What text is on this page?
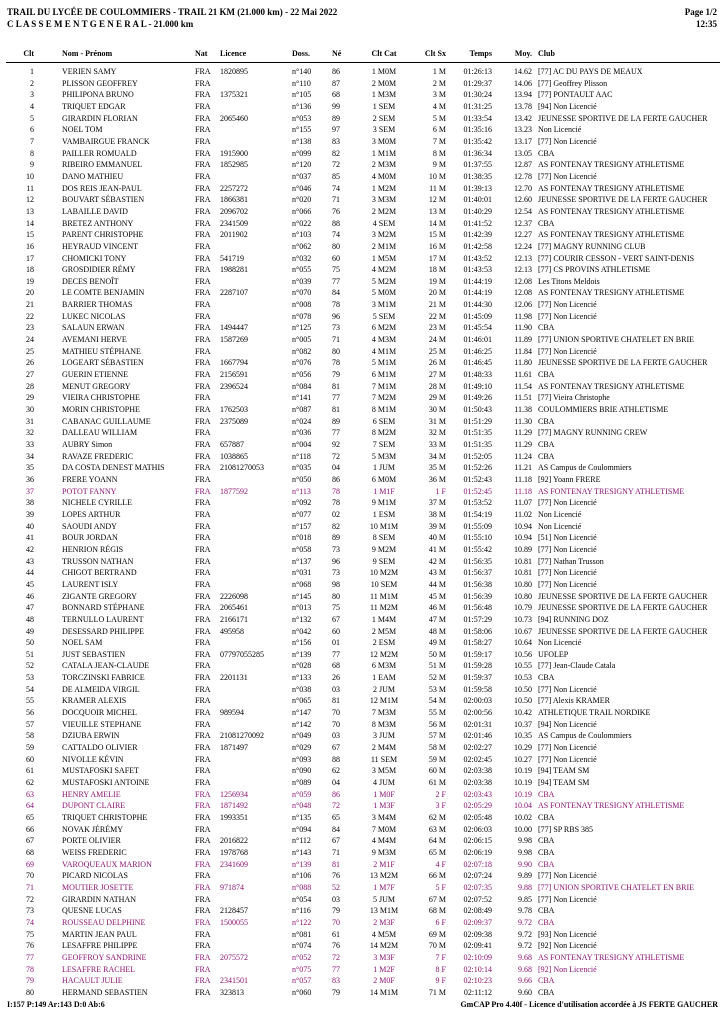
TRAIL DU LYCÉE DE COULOMMIERS - TRAIL 21 KM (21.000 km) - 22 Mai 2022
C L A S S E M E N T G E N E R A L - 21.000 km
Page 1/2
12:35
Clt	Nom - Prénom	Nat	Licence	Doss.	Né	Clt Cat	Clt Sx	Temps	Moy. Club
1	VERIEN SAMY	FRA	1820895	n°140	86	1 M0M	1 M	01:26:13	14.62 [77] AC DU PAYS DE MEAUX
2	PLISSON GEOFFREY	FRA	n°110	87	2 M0M	2 M	01:29:37	14.06 [77] Geoffrey Plisson
3	PHILIPONA BRUNO	FRA	1375321	n°105	68	1 M3M	3 M	01:30:24	13.94 [77] PONTAULT AAC
4	TRIQUET EDGAR	FRA	n°136	99	1 SEM	4 M	01:31:25	13.78 [94] Non Licencié
5	GIRARDIN FLORIAN	FRA	2065460	n°053	89	2 SEM	5 M	01:33:54	13.42 JEUNESSE SPORTIVE DE LA FERTE GAUCHER
6	NOEL TOM	FRA	n°155	97	3 SEM	6 M	01:35:16	13.23 Non Licencié
7	VAMBAIRGUE FRANCK	FRA	n°138	83	3 M0M	7 M	01:35:42	13.17 [77] Non Licencié
8	PAILLER ROMUALD	FRA	1915900	n°099	82	1 M1M	8 M	01:36:34	13.05 CBA
9	RIBEIRO EMMANUEL	FRA	1852985	n°120	72	2 M3M	9 M	01:37:55	12.87 AS FONTENAY TRESIGNY ATHLETISME
10	DANO MATHIEU	FRA	n°037	85	4 M0M	10 M	01:38:35	12.78 [77] Non Licencié
11	DOS REIS JEAN-PAUL	FRA	2257272	n°046	74	1 M2M	11 M	01:39:13	12.70 AS FONTENAY TRESIGNY ATHLETISME
12	BOUVART SÉBASTIEN	FRA	1866381	n°020	71	3 M3M	12 M	01:40:01	12.60 JEUNESSE SPORTIVE DE LA FERTE GAUCHER
13	LABAILLE DAVID	FRA	2096702	n°066	76	2 M2M	13 M	01:40:29	12.54 AS FONTENAY TRESIGNY ATHLETISME
14	BRETEZ ANTHONY	FRA	2341509	n°022	88	4 SEM	14 M	01:41:52	12.37 CBA
15	PARENT CHRISTOPHE	FRA	2011902	n°103	74	3 M2M	15 M	01:42:39	12.27 AS FONTENAY TRESIGNY ATHLETISME
16	HEYRAUD VINCENT	FRA	n°062	80	2 M1M	16 M	01:42:58	12.24 [77] MAGNY RUNNING CLUB
17	CHOMICKI TONY	FRA	541719	n°032	60	1 M5M	17 M	01:43:52	12.13 [77] COURIR CESSON - VERT SAINT-DENIS
18	GROSDIDIER RÉMY	FRA	1988281	n°055	75	4 M2M	18 M	01:43:53	12.13 [77] CS PROVINS ATHLETISME
19	DECES BENOÎT	FRA	n°039	77	5 M2M	19 M	01:44:19	12.08 Les Titons Meldois
20	LE COMTE BENJAMIN	FRA	2287107	n°070	84	5 M0M	20 M	01:44:19	12.08 AS FONTENAY TRESIGNY ATHLETISME
21	BARRIER THOMAS	FRA	n°008	78	3 M1M	21 M	01:44:30	12.06 [77] Non Licencié
22	LUKEC NICOLAS	FRA	n°078	96	5 SEM	22 M	01:45:09	11.98 [77] Non Licencié
23	SALAUN ERWAN	FRA	1494447	n°125	73	6 M2M	23 M	01:45:54	11.90 CBA
24	AVEMANI HERVE	FRA	1587269	n°005	71	4 M3M	24 M	01:46:01	11.89 [77] UNION SPORTIVE CHATELET EN BRIE
25	MATHIEU STÉPHANE	FRA	n°082	80	4 M1M	25 M	01:46:25	11.84 [77] Non Licencié
26	LOGEART SÉBASTIEN	FRA	1667794	n°076	78	5 M1M	26 M	01:46:45	11.80 JEUNESSE SPORTIVE DE LA FERTE GAUCHER
27	GUERIN ETIENNE	FRA	2156591	n°056	79	6 M1M	27 M	01:48:33	11.61 CBA
28	MENUT GREGORY	FRA	2396524	n°084	81	7 M1M	28 M	01:49:10	11.54 AS FONTENAY TRESIGNY ATHLETISME
29	VIEIRA CHRISTOPHE	FRA	n°141	77	7 M2M	29 M	01:49:26	11.51 [77] Vieira Christophe
30	MORIN CHRISTOPHE	FRA	1762503	n°087	81	8 M1M	30 M	01:50:43	11.38 COULOMMIERS BRIE ATHLETISME
31	CABANAC GUILLAUME	FRA	2375089	n°024	89	6 SEM	31 M	01:51:29	11.30 CBA
32	DALLEAU WILLIAM	FRA	n°036	77	8 M2M	32 M	01:51:35	11.29 [77] MAGNY RUNNING CREW
33	AUBRY Simon	FRA	657887	n°004	92	7 SEM	33 M	01:51:35	11.29 CBA
34	RAVAZE FREDERIC	FRA	1038865	n°118	72	5 M3M	34 M	01:52:05	11.24 CBA
35	DA COSTA DENEST MATHIS	FRA	21081270053	n°035	04	1 JUM	35 M	01:52:26	11.21 AS Campus de Coulommiers
36	FRERE YOANN	FRA	n°050	86	6 M0M	36 M	01:52:43	11.18 [92] Yoann FRERE
37	POTOT FANNY	FRA	1877592	n°113	78	1 M1F	1 F	01:52:45	11.18 AS FONTENAY TRESIGNY ATHLETISME
38	NICHELE CYRILLE	FRA	n°092	78	9 M1M	37 M	01:53:52	11.07 [77] Non Licencié
39	LOPES ARTHUR	FRA	n°077	02	1 ESM	38 M	01:54:19	11.02 Non Licencié
40	SAOUDI ANDY	FRA	n°157	82	10 M1M	39 M	01:55:09	10.94 Non Licencié
41	BOUR JORDAN	FRA	n°018	89	8 SEM	40 M	01:55:10	10.94 [51] Non Licencié
42	HENRION RÉGIS	FRA	n°058	73	9 M2M	41 M	01:55:42	10.89 [77] Non Licencié
43	TRUSSON NATHAN	FRA	n°137	96	9 SEM	42 M	01:56:35	10.81 [77] Nathan Trusson
44	CHIGOT BERTRAND	FRA	n°031	73	10 M2M	43 M	01:56:37	10.81 [77] Non Licencié
45	LAURENT ISLY	FRA	n°068	98	10 SEM	44 M	01:56:38	10.80 [77] Non Licencié
46	ZIGANTE GREGORY	FRA	2226098	n°145	80	11 M1M	45 M	01:56:39	10.80 JEUNESSE SPORTIVE DE LA FERTE GAUCHER
47	BONNARD STÉPHANE	FRA	2065461	n°013	75	11 M2M	46 M	01:56:48	10.79 JEUNESSE SPORTIVE DE LA FERTE GAUCHER
48	TERNULLO LAURENT	FRA	2166171	n°132	67	1 M4M	47 M	01:57:29	10.73 [94] RUNNING DOZ
49	DESESSARD PHILIPPE	FRA	495958	n°042	60	2 M5M	48 M	01:58:06	10.67 JEUNESSE SPORTIVE DE LA FERTE GAUCHER
50	NOEL SAM	FRA	n°156	01	2 ESM	49 M	01:58:27	10.64 Non Licencié
51	JUST SEBASTIEN	FRA	07797055285	n°139	77	12 M2M	50 M	01:59:17	10.56 UFOLEP
52	CATALA JEAN-CLAUDE	FRA	n°028	68	6 M3M	51 M	01:59:28	10.55 [77] Jean-Claude Catala
53	TORCZINSKI FABRICE	FRA	2201131	n°133	26	1 EAM	52 M	01:59:37	10.53 CBA
54	DE ALMEIDA VIRGIL	FRA	n°038	03	2 JUM	53 M	01:59:58	10.50 [77] Non Licencié
55	KRAMER ALEXIS	FRA	n°065	81	12 M1M	54 M	02:00:03	10.50 [77] Alexis KRAMER
56	DOCQUOIR MICHEL	FRA	989594	n°147	70	7 M3M	55 M	02:00:56	10.42 ATHLETIQUE TRAIL NORDIKE
57	VIEUILLE STEPHANE	FRA	n°142	70	8 M3M	56 M	02:01:31	10.37 [94] Non Licencié
58	DZIUBA ERWIN	FRA	21081270092	n°049	03	3 JUM	57 M	02:01:46	10.35 AS Campus de Coulommiers
59	CATTALDO OLIVIER	FRA	1871497	n°029	67	2 M4M	58 M	02:02:27	10.29 [77] Non Licencié
60	NIVOLLE KÉVIN	FRA	n°093	88	11 SEM	59 M	02:02:45	10.27 [77] Non Licencié
61	MUSTAFOSKI SAFET	FRA	n°090	62	3 M5M	60 M	02:03:38	10.19 [94] TEAM SM
62	MUSTAFOSKI ANTOINE	FRA	n°089	04	4 JUM	61 M	02:03:38	10.19 [94] TEAM SM
63	HENRY AMELIE	FRA	1256934	n°059	86	1 M0F	2 F	02:03:43	10.19 CBA
64	DUPONT CLAIRE	FRA	1871492	n°048	72	1 M3F	3 F	02:05:29	10.04 AS FONTENAY TRESIGNY ATHLETISME
65	TRIQUET CHRISTOPHE	FRA	1993351	n°135	65	3 M4M	62 M	02:05:48	10.02 CBA
66	NOVAK JÉRÉMY	FRA	n°094	84	7 M0M	63 M	02:06:03	10.00 [77] SP RBS 385
67	PORTE OLIVIER	FRA	2016822	n°112	67	4 M4M	64 M	02:06:15	9.98 CBA
68	WEISS FREDERIC	FRA	1978768	n°143	71	9 M3M	65 M	02:06:19	9.98 CBA
69	VAROQUEAUX MARION	FRA	2341609	n°139	81	2 M1F	4 F	02:07:18	9.90 CBA
70	PICARD NICOLAS	FRA	n°106	76	13 M2M	66 M	02:07:24	9.89 [77] Non Licencié
71	MOUTIER JOSETTE	FRA	971874	n°088	52	1 M7F	5 F	02:07:35	9.88 [77] UNION SPORTIVE CHATELET EN BRIE
72	GIRARDIN NATHAN	FRA	n°054	03	5 JUM	67 M	02:07:52	9.85 [77] Non Licencié
73	QUESNE LUCAS	FRA	2128457	n°116	79	13 M1M	68 M	02:08:49	9.78 CBA
74	ROUSSEAU DELPHINE	FRA	1500055	n°122	70	2 M3F	6 F	02:09:37	9.72 CBA
75	MARTIN JEAN PAUL	FRA	n°081	61	4 M5M	69 M	02:09:38	9.72 [93] Non Licencié
76	LESAFFRE PHILIPPE	FRA	n°074	76	14 M2M	70 M	02:09:41	9.72 [92] Non Licencié
77	GEOFFROY SANDRINE	FRA	2075572	n°052	72	3 M3F	7 F	02:10:09	9.68 AS FONTENAY TRESIGNY ATHLETISME
78	LESAFFRE RACHEL	FRA	n°075	77	1 M2F	8 F	02:10:14	9.68 [92] Non Licencié
79	HACAULT JULIE	FRA	2341501	n°057	83	2 M0F	9 F	02:10:23	9.66 CBA
80	HERMAND SEBASTIEN	FRA	323813	n°060	79	14 M1M	71 M	02:11:12	9.60 CBA
I:157 P:149 Ar:143 D:0 Ab:6	GmCAP Pro 4.40f - Licence d'utilisation accordée à JS FERTE GAUCHER
